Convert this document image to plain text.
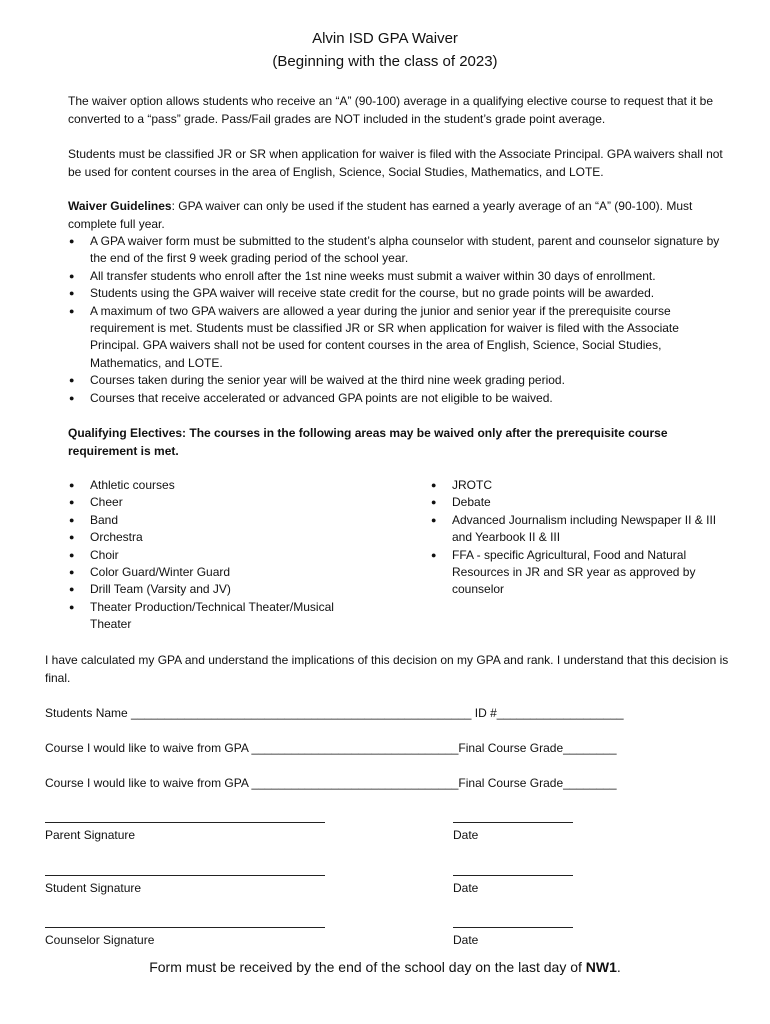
Alvin ISD GPA Waiver
(Beginning with the class of 2023)
The waiver option allows students who receive an “A” (90-100) average in a qualifying elective course to request that it be converted to a “pass” grade. Pass/Fail grades are NOT included in the student’s grade point average.
Students must be classified JR or SR when application for waiver is filed with the Associate Principal. GPA waivers shall not be used for content courses in the area of English, Science, Social Studies, Mathematics, and LOTE.
Waiver Guidelines: GPA waiver can only be used if the student has earned a yearly average of an “A” (90-100). Must complete full year.
● A GPA waiver form must be submitted to the student’s alpha counselor with student, parent and counselor signature by the end of the first 9 week grading period of the school year.
● All transfer students who enroll after the 1st nine weeks must submit a waiver within 30 days of enrollment.
● Students using the GPA waiver will receive state credit for the course, but no grade points will be awarded.
● A maximum of two GPA waivers are allowed a year during the junior and senior year if the prerequisite course requirement is met. Students must be classified JR or SR when application for waiver is filed with the Associate Principal. GPA waivers shall not be used for content courses in the area of English, Science, Social Studies, Mathematics, and LOTE.
● Courses taken during the senior year will be waived at the third nine week grading period.
● Courses that receive accelerated or advanced GPA points are not eligible to be waived.
Qualifying Electives: The courses in the following areas may be waived only after the prerequisite course requirement is met.
● Athletic courses
● Cheer
● Band
● Orchestra
● Choir
● Color Guard/Winter Guard
● Drill Team (Varsity and JV)
● Theater Production/Technical Theater/Musical Theater
● JROTC
● Debate
● Advanced Journalism including Newspaper II & III and Yearbook II & III
● FFA - specific Agricultural, Food and Natural Resources in JR and SR year as approved by counselor
I have calculated my GPA and understand the implications of this decision on my GPA and rank. I understand that this decision is final.
Students Name ___________________________________________________ ID #___________________
Course I would like to waive from GPA _______________________________Final Course Grade________
Course I would like to waive from GPA _______________________________Final Course Grade________
Parent Signature	Date
Student Signature	Date
Counselor Signature	Date
Form must be received by the end of the school day on the last day of NW1.
